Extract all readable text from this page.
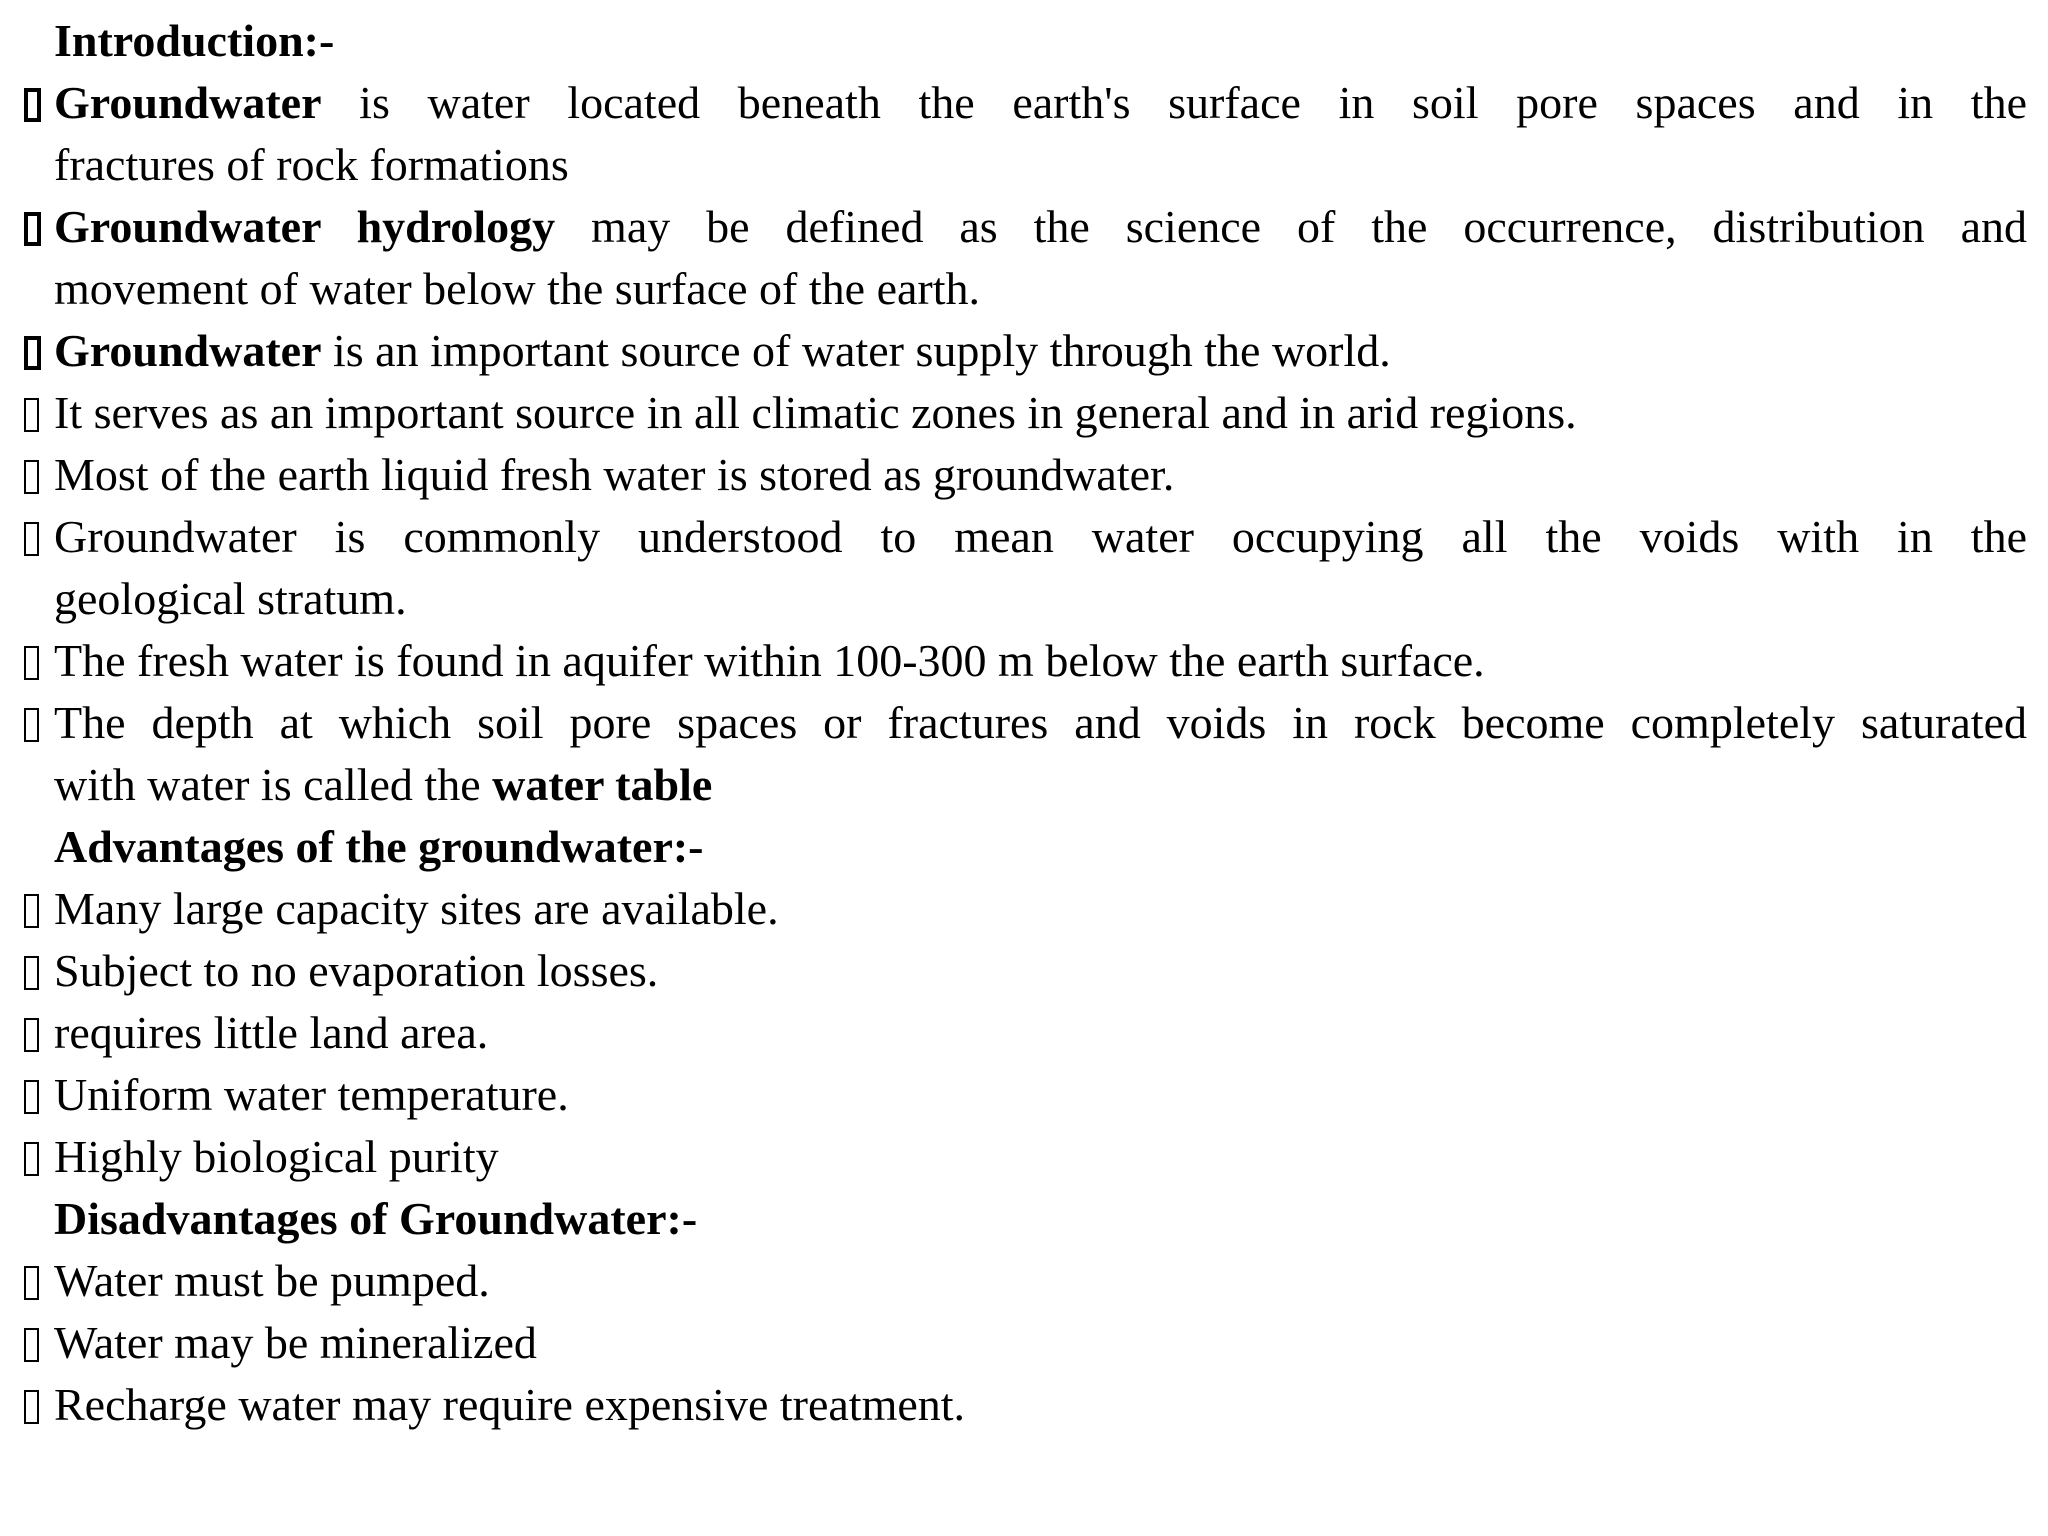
Introduction:-
Groundwater is water located beneath the earth's surface in soil pore spaces and in the
fractures of rock formations
Groundwater hydrology may be defined as the science of the occurrence, distribution and
movement of water below the surface of the earth.
Groundwater is an important source of water supply through the world.
It serves as an important source in all climatic zones in general and in arid regions.
Most of the earth liquid fresh water is stored as groundwater.
Groundwater is commonly understood to mean water occupying all the voids with in the
geological stratum.
The fresh water is found in aquifer within 100-300 m below the earth surface.
The depth at which soil pore spaces or fractures and voids in rock become completely saturated
with water is called the water table
Advantages of the groundwater:-
Many large capacity sites are available.
Subject to no evaporation losses.
requires little land area.
Uniform water temperature.
Highly biological purity
Disadvantages of Groundwater:-
Water must be pumped.
Water may be mineralized
Recharge water may require expensive treatment.
